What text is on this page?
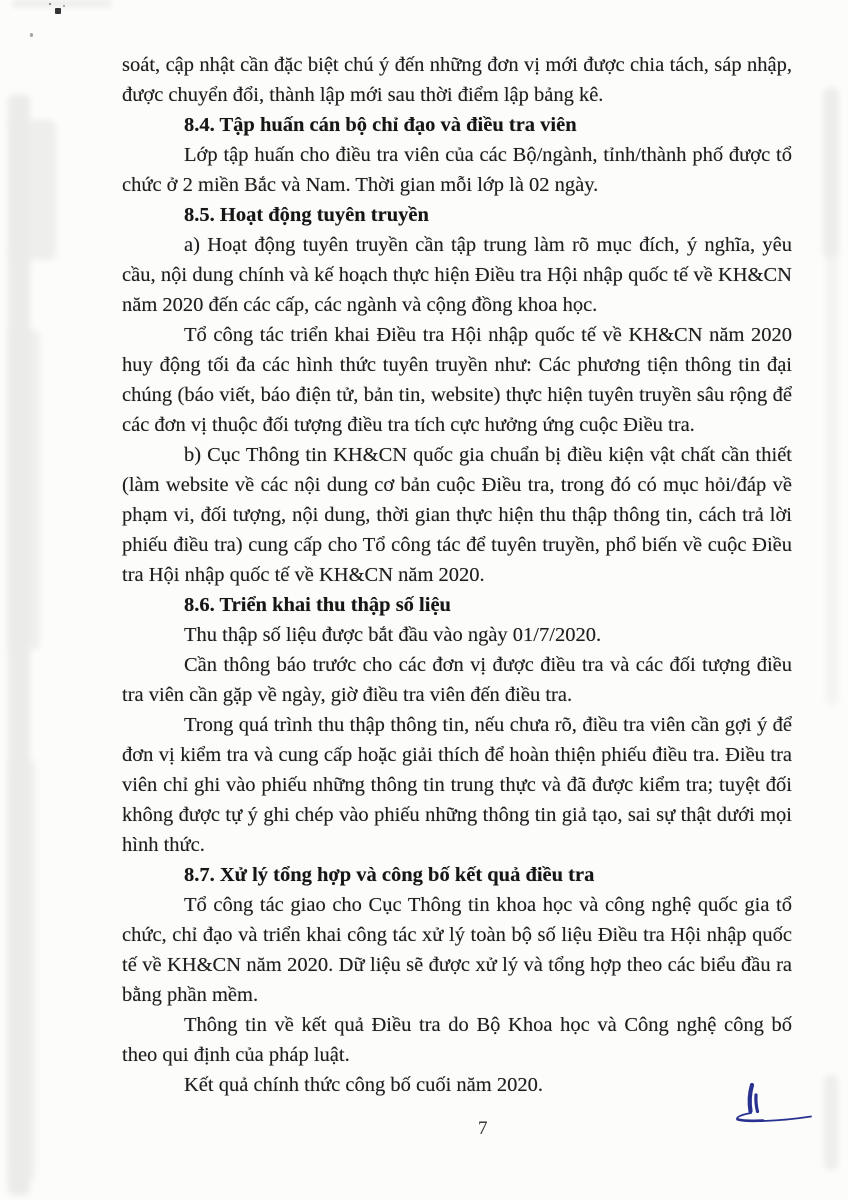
soát, cập nhật cần đặc biệt chú ý đến những đơn vị mới được chia tách, sáp nhập, được chuyển đổi, thành lập mới sau thời điểm lập bảng kê.

8.4. Tập huấn cán bộ chỉ đạo và điều tra viên

Lớp tập huấn cho điều tra viên của các Bộ/ngành, tỉnh/thành phố được tổ chức ở 2 miền Bắc và Nam. Thời gian mỗi lớp là 02 ngày.

8.5. Hoạt động tuyên truyền

a) Hoạt động tuyên truyền cần tập trung làm rõ mục đích, ý nghĩa, yêu cầu, nội dung chính và kế hoạch thực hiện Điều tra Hội nhập quốc tế về KH&CN năm 2020 đến các cấp, các ngành và cộng đồng khoa học.

Tổ công tác triển khai Điều tra Hội nhập quốc tế về KH&CN năm 2020 huy động tối đa các hình thức tuyên truyền như: Các phương tiện thông tin đại chúng (báo viết, báo điện tử, bản tin, website) thực hiện tuyên truyền sâu rộng để các đơn vị thuộc đối tượng điều tra tích cực hưởng ứng cuộc Điều tra.

b) Cục Thông tin KH&CN quốc gia chuẩn bị điều kiện vật chất cần thiết (làm website về các nội dung cơ bản cuộc Điều tra, trong đó có mục hỏi/đáp về phạm vi, đối tượng, nội dung, thời gian thực hiện thu thập thông tin, cách trả lời phiếu điều tra) cung cấp cho Tổ công tác để tuyên truyền, phổ biến về cuộc Điều tra Hội nhập quốc tế về KH&CN năm 2020.

8.6. Triển khai thu thập số liệu

Thu thập số liệu được bắt đầu vào ngày 01/7/2020.

Cần thông báo trước cho các đơn vị được điều tra và các đối tượng điều tra viên cần gặp về ngày, giờ điều tra viên đến điều tra.

Trong quá trình thu thập thông tin, nếu chưa rõ, điều tra viên cần gợi ý để đơn vị kiểm tra và cung cấp hoặc giải thích để hoàn thiện phiếu điều tra. Điều tra viên chỉ ghi vào phiếu những thông tin trung thực và đã được kiểm tra; tuyệt đối không được tự ý ghi chép vào phiếu những thông tin giả tạo, sai sự thật dưới mọi hình thức.

8.7. Xử lý tổng hợp và công bố kết quả điều tra

Tổ công tác giao cho Cục Thông tin khoa học và công nghệ quốc gia tổ chức, chỉ đạo và triển khai công tác xử lý toàn bộ số liệu Điều tra Hội nhập quốc tế về KH&CN năm 2020. Dữ liệu sẽ được xử lý và tổng hợp theo các biểu đầu ra bằng phần mềm.

Thông tin về kết quả Điều tra do Bộ Khoa học và Công nghệ công bố theo qui định của pháp luật.

Kết quả chính thức công bố cuối năm 2020.

7
